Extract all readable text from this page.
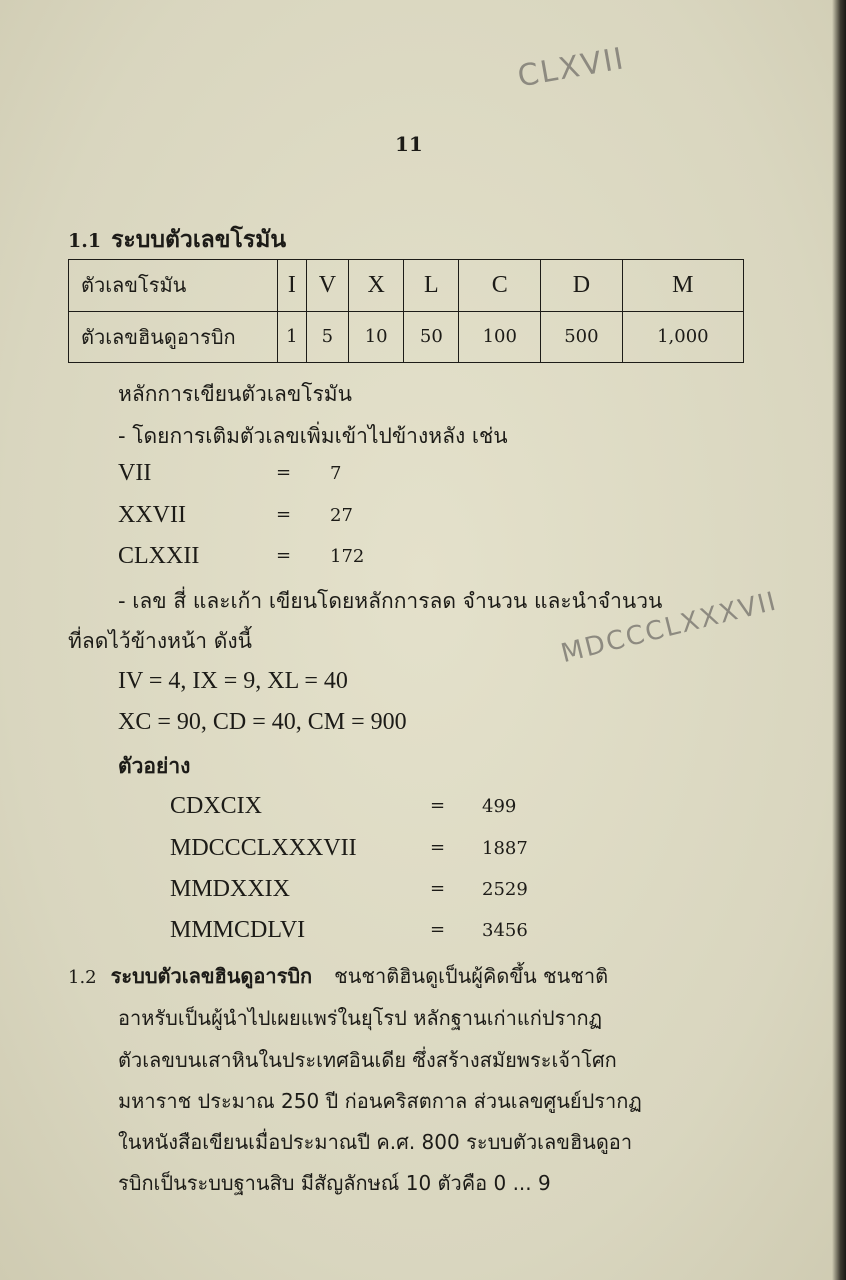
CLXVII
MDCCCLXXXVII
11
1.1 ระบบตัวเลขโรมัน
ตัวเลขโรมัน	I	V	X	L	C	D	M
ตัวเลขฮินดูอารบิก	1	5	10	50	100	500	1,000
หลักการเขียนตัวเลขโรมัน
- โดยการเติมตัวเลขเพิ่มเข้าไปข้างหลัง เช่น
VII	= 7
XXVII	= 27
CLXXII	= 172
- เลข สี่ และเก้า เขียนโดยหลักการลด จำนวน และนำจำนวน
ที่ลดไว้ข้างหน้า ดังนี้
IV = 4, IX = 9, XL = 40
XC = 90, CD = 40, CM = 900
ตัวอย่าง
CDXCIX	= 499
MDCCCLXXXVII	= 1887
MMDXXIX	= 2529
MMMCDLVI	= 3456
1.2 ระบบตัวเลขฮินดูอารบิก ชนชาติฮินดูเป็นผู้คิดขึ้น ชนชาติ
อาหรับเป็นผู้นำไปเผยแพร่ในยุโรป หลักฐานเก่าแก่ปรากฏ
ตัวเลขบนเสาหินในประเทศอินเดีย ซึ่งสร้างสมัยพระเจ้าโศก
มหาราช ประมาณ 250 ปี ก่อนคริสตกาล ส่วนเลขศูนย์ปรากฏ
ในหนังสือเขียนเมื่อประมาณปี ค.ศ. 800 ระบบตัวเลขฮินดูอา
รบิกเป็นระบบฐานสิบ มีสัญลักษณ์ 10 ตัวคือ 0 ... 9
